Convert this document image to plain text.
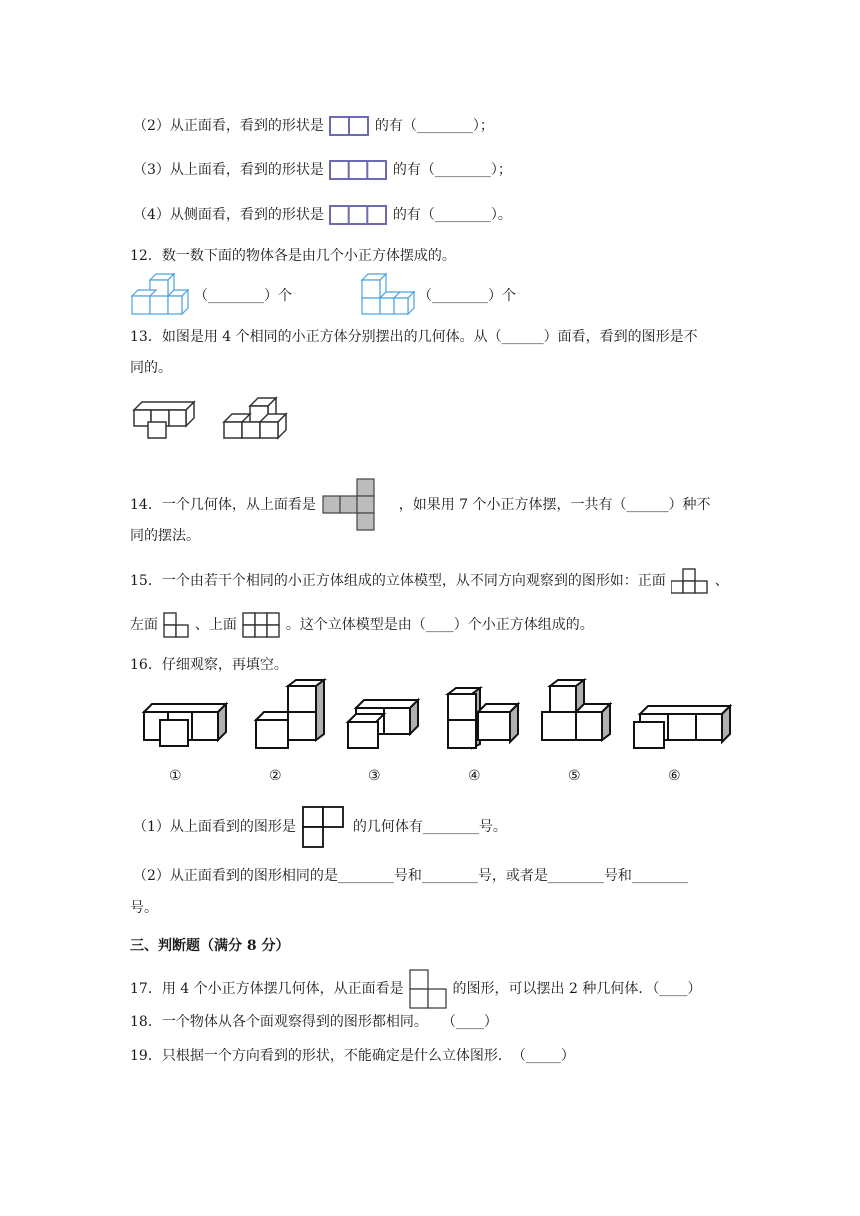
（2）从正面看，看到的形状是	的有（________）；
（3）从上面看，看到的形状是	的有（________）；
（4）从侧面看，看到的形状是	的有（________）。
12．数一数下面的物体各是由几个小正方体摆成的。
（________）个	（________）个
13．如图是用 4 个相同的小正方体分别摆出的几何体。从（______）面看，看到的图形是不
同的。
14．一个几何体，从上面看是	，如果用 7 个小正方体摆，一共有（______）种不
同的摆法。
15．一个由若干个相同的小正方体组成的立体模型，从不同方向观察到的图形如：正面	、
左面	、上面	。这个立体模型是由（____）个小正方体组成的。
16．仔细观察，再填空。
①	②	③	④	⑤	⑥
（1）从上面看到的图形是	的几何体有________号。
（2）从正面看到的图形相同的是________号和________号，或者是________号和________
号。
三、判断题（满分 8 分）
17．用 4 个小正方体摆几何体，从正面看是	的图形，可以摆出 2 种几何体．（____）
18．一个物体从各个面观察得到的图形都相同。　　（____）
19．只根据一个方向看到的形状，不能确定是什么立体图形．　（_____）
